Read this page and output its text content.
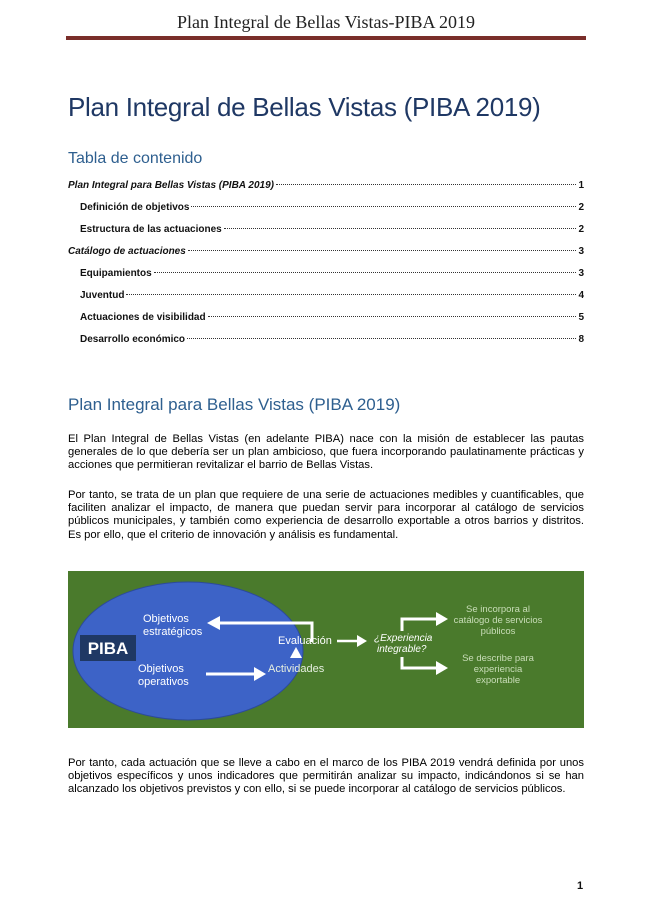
Plan Integral de Bellas Vistas-PIBA 2019
Plan Integral de Bellas Vistas (PIBA 2019)
Tabla de contenido
Plan Integral para Bellas Vistas (PIBA 2019)	1
Definición de objetivos	2
Estructura de las actuaciones	2
Catálogo de actuaciones	3
Equipamientos	3
Juventud	4
Actuaciones de visibilidad	5
Desarrollo económico	8
Plan Integral para Bellas Vistas (PIBA 2019)
El Plan Integral de Bellas Vistas (en adelante PIBA) nace con la misión de establecer las pautas generales de lo que debería ser un plan ambicioso, que fuera incorporando paulatinamente prácticas y acciones que permitieran revitalizar el barrio de Bellas Vistas.
Por tanto, se trata de un plan que requiere de una serie de actuaciones medibles y cuantificables, que faciliten analizar el impacto, de manera que puedan servir para incorporar al catálogo de servicios públicos municipales, y también como experiencia de desarrollo exportable a otros barrios y distritos. Es por ello, que el criterio de innovación y análisis es fundamental.
PIBA
Objetivos
estratégicos
Objetivos
operativos
Evaluación
Actividades
¿Experiencia
integrable?
Se incorpora al
catálogo de servicios
públicos
Se describe para
experiencia
exportable
Por tanto, cada actuación que se lleve a cabo en el marco de los PIBA 2019 vendrá definida por unos objetivos específicos y unos indicadores que permitirán analizar su impacto, indicándonos si se han alcanzado los objetivos previstos y con ello, si se puede incorporar al catálogo de servicios públicos.
1
